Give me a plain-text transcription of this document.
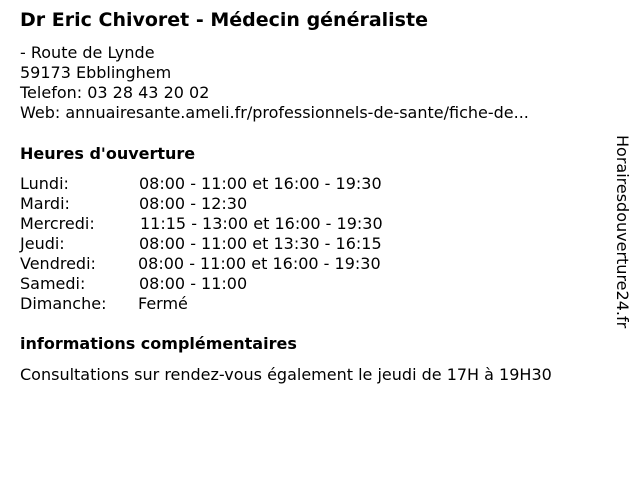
Dr Eric Chivoret - Médecin généraliste
- Route de Lynde
59173 Ebblinghem
Telefon: 03 28 43 20 02
Web: annuairesante.ameli.fr/professionnels-de-sante/fiche-de...
Heures d'ouverture
Lundi:	08:00 - 11:00 et 16:00 - 19:30
Mardi:	08:00 - 12:30
Mercredi:	11:15 - 13:00 et 16:00 - 19:30
Jeudi:	08:00 - 11:00 et 13:30 - 16:15
Vendredi:	08:00 - 11:00 et 16:00 - 19:30
Samedi:	08:00 - 11:00
Dimanche: Fermé
informations complémentaires
Consultations sur rendez-vous également le jeudi de 17H à 19H30
Horairesdouverture24.fr
